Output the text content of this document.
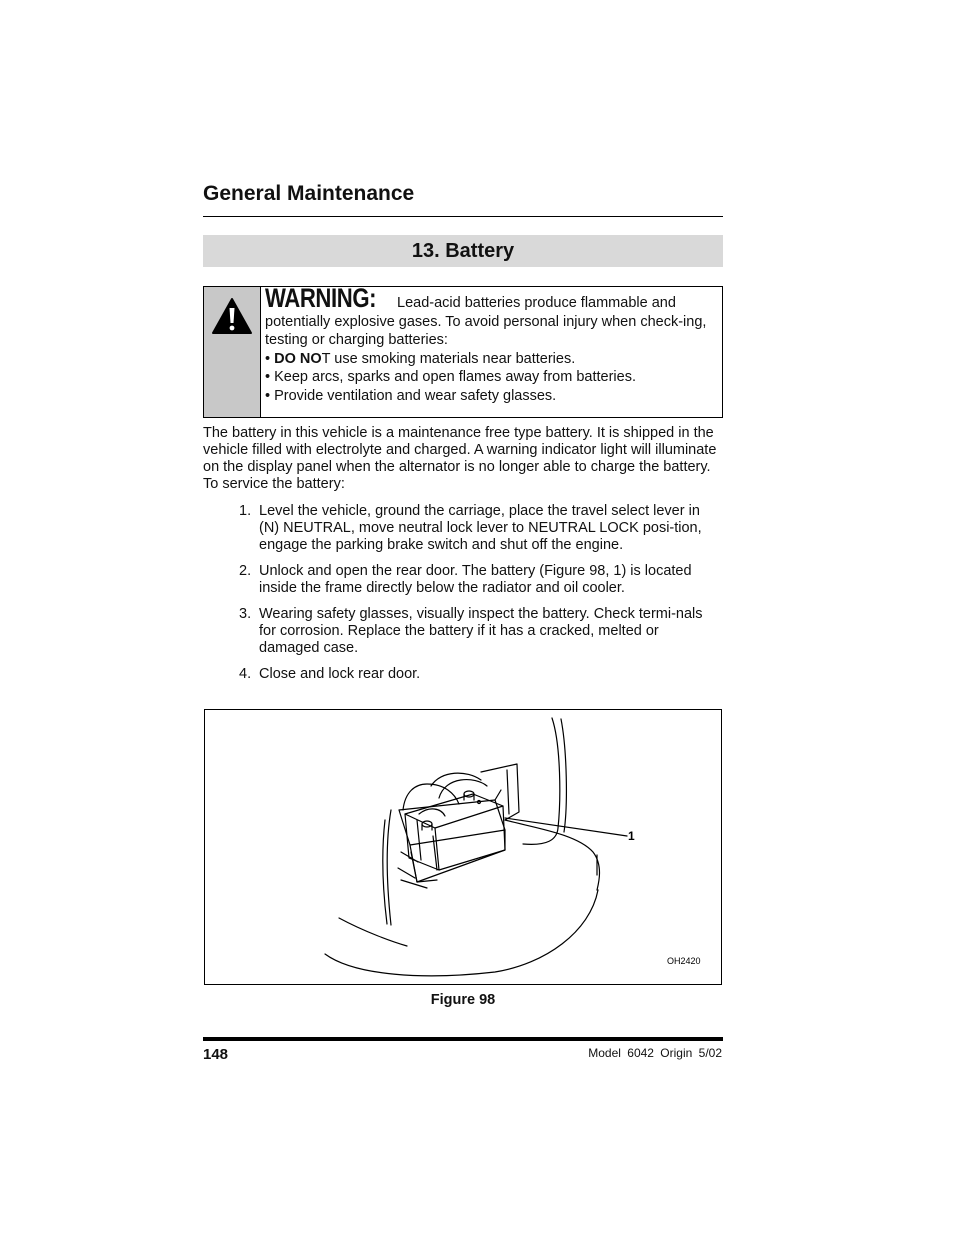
General Maintenance
13. Battery
WARNING: Lead-acid batteries produce flammable and potentially explosive gases. To avoid personal injury when check-ing, testing or charging batteries:
• DO NOT use smoking materials near batteries.
• Keep arcs, sparks and open flames away from batteries.
• Provide ventilation and wear safety glasses.
The battery in this vehicle is a maintenance free type battery. It is shipped in the vehicle filled with electrolyte and charged. A warning indicator light will illuminate on the display panel when the alternator is no longer able to charge the battery. To service the battery:
1. Level the vehicle, ground the carriage, place the travel select lever in (N) NEUTRAL, move neutral lock lever to NEUTRAL LOCK posi-tion, engage the parking brake switch and shut off the engine.
2. Unlock and open the rear door. The battery (Figure 98, 1) is located inside the frame directly below the radiator and oil cooler.
3. Wearing safety glasses, visually inspect the battery. Check termi-nals for corrosion. Replace the battery if it has a cracked, melted or damaged case.
4. Close and lock rear door.
1
OH2420
Figure 98
148	Model 6042 Origin 5/02
